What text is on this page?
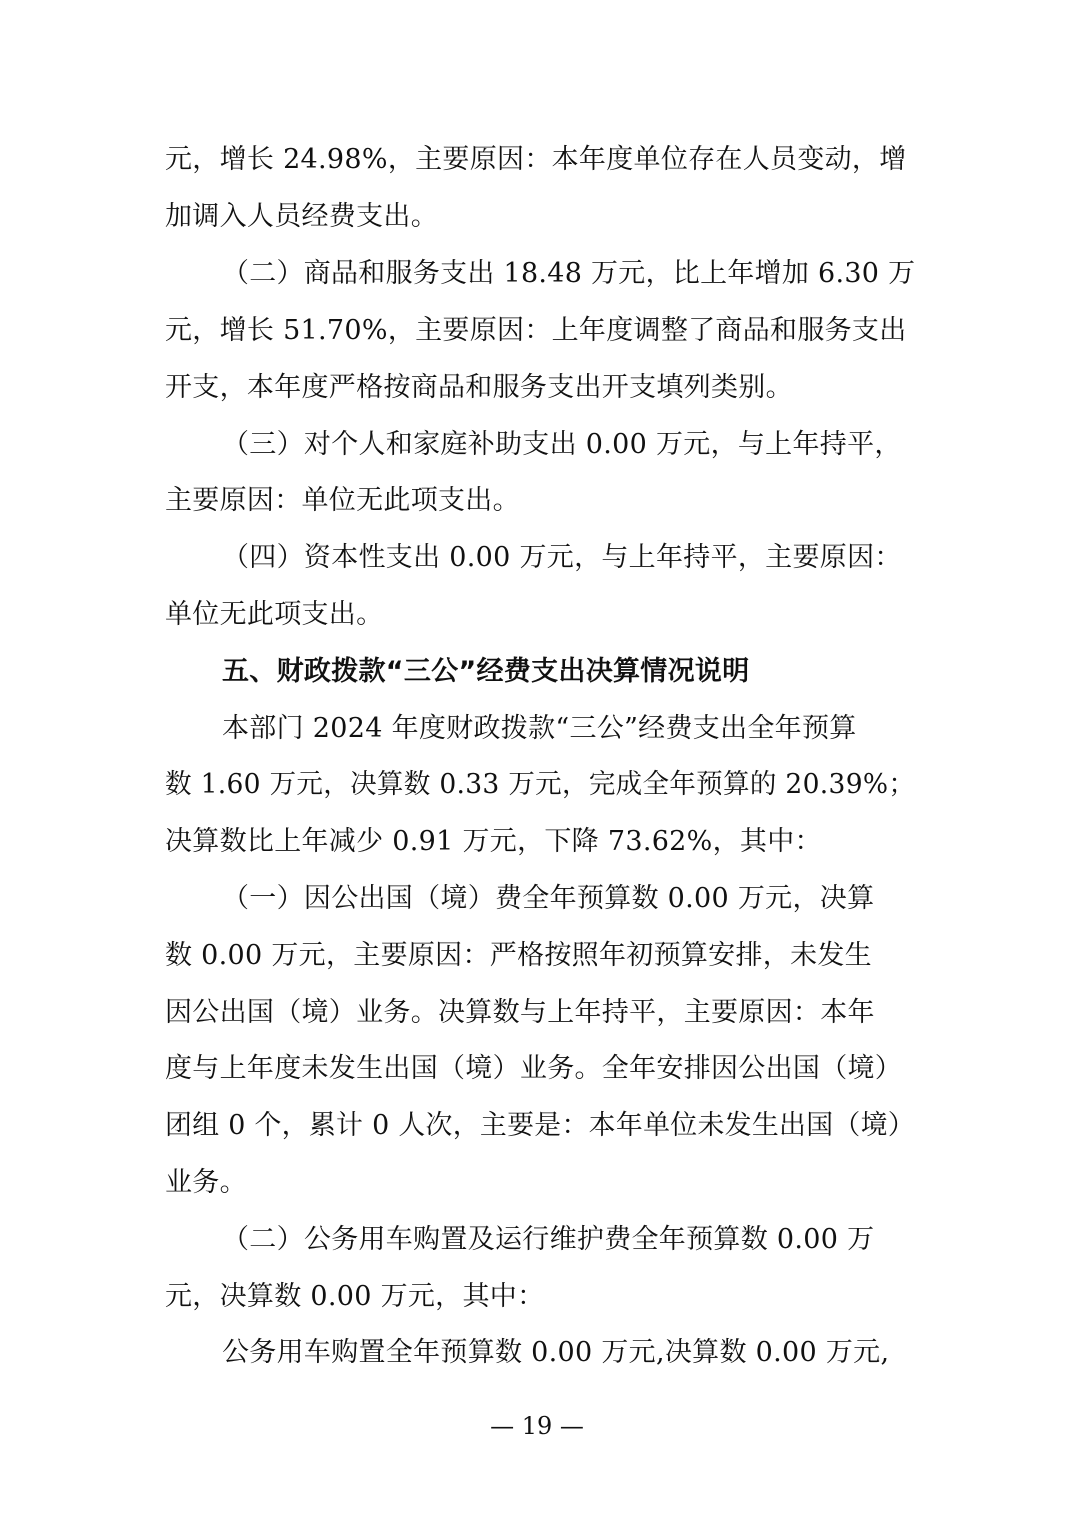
元，增长 24.98%，主要原因：本年度单位存在人员变动，增

加调入人员经费支出。

（二）商品和服务支出 18.48 万元，比上年增加 6.30 万

元，增长 51.70%，主要原因：上年度调整了商品和服务支出

开支，本年度严格按商品和服务支出开支填列类别。

（三）对个人和家庭补助支出 0.00 万元，与上年持平，

主要原因：单位无此项支出。

（四）资本性支出 0.00 万元，与上年持平，主要原因：

单位无此项支出。

五、财政拨款“三公”经费支出决算情况说明

本部门 2024 年度财政拨款“三公”经费支出全年预算

数 1.60 万元，决算数 0.33 万元，完成全年预算的 20.39%；

决算数比上年减少 0.91 万元，下降 73.62%，其中：

（一）因公出国（境）费全年预算数 0.00 万元，决算

数 0.00 万元，主要原因：严格按照年初预算安排，未发生

因公出国（境）业务。决算数与上年持平，主要原因：本年

度与上年度未发生出国（境）业务。全年安排因公出国（境）

团组 0 个，累计 0 人次，主要是：本年单位未发生出国（境）

业务。

（二）公务用车购置及运行维护费全年预算数 0.00 万

元，决算数 0.00 万元，其中：

公务用车购置全年预算数 0.00 万元,决算数 0.00 万元,

— 19 —
